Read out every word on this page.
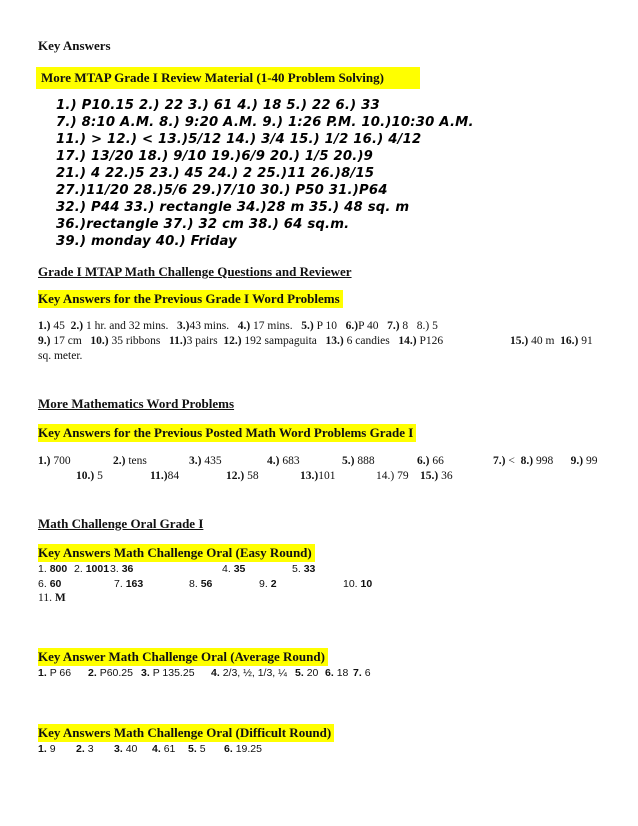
Key Answers
More MTAP Grade I Review Material (1-40 Problem Solving)
1.) P10.15 2.) 22 3.) 61 4.) 18 5.) 22 6.) 33
7.) 8:10 A.M. 8.) 9:20 A.M. 9.) 1:26 P.M. 10.)10:30 A.M.
11.) > 12.) < 13.)5/12 14.) 3/4 15.) 1/2 16.) 4/12
17.) 13/20 18.) 9/10 19.)6/9 20.) 1/5 20.)9
21.) 4 22.)5 23.) 45 24.) 2 25.)11 26.)8/15
27.)11/20 28.)5/6 29.)7/10 30.) P50 31.)P64
32.) P44 33.) rectangle 34.)28 m 35.) 48 sq. m
36.)rectangle 37.) 32 cm 38.) 64 sq.m.
39.) monday 40.) Friday
Grade I MTAP Math Challenge Questions and Reviewer
Key Answers for the Previous Grade I Word Problems
1.) 45  2.) 1 hr. and 32 mins.   3.)43 mins.   4.) 17 mins.   5.) P 10   6.)P 40   7.) 8   8.) 5
9.) 17 cm   10.) 35 ribbons   11.)3 pairs  12.) 192 sampaguita   13.) 6 candies   14.) P126	15.) 40 m  16.) 91
sq. meter.
More Mathematics Word Problems
Key Answers for the Previous Posted Math Word Problems Grade I
1.) 700	2.) tens	3.) 435	4.) 683	5.) 888	6.) 66	7.) <  8.) 998  9.) 99
10.) 5	11.)84	12.) 58	13.)101	14.) 79 15.) 36
Math Challenge Oral Grade I
Key Answers Math Challenge Oral (Easy Round)
1. 800 2. 10013. 36	4. 35	5. 33
6. 60	7. 163	8. 56	9. 2	10. 10
11. M
Key Answer Math Challenge Oral (Average Round)
1. P 66 2. P60.25 3. P 135.25 4. 2/3, ½, 1/3, ¼ 5. 20 6. 18 7. 6
Key Answers Math Challenge Oral (Difficult Round)
1. 9 2. 3 3. 40 4. 61 5. 5 6. 19.25
